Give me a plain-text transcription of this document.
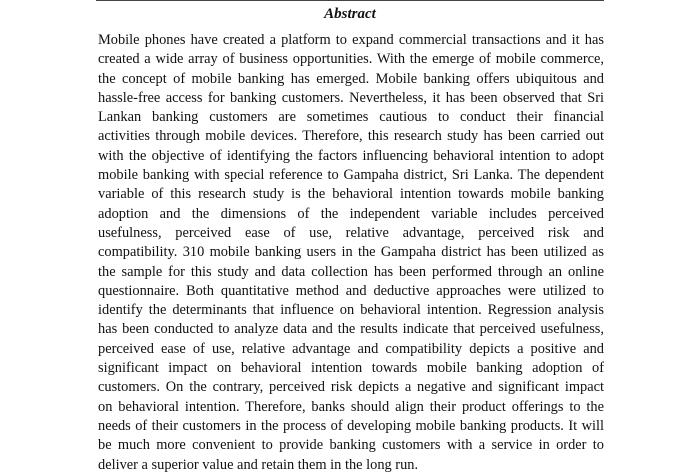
Abstract
Mobile phones have created a platform to expand commercial transactions and it has
created a wide array of business opportunities. With the emerge of mobile commerce,
the concept of mobile banking has emerged. Mobile banking offers ubiquitous and
hassle-free access for banking customers. Nevertheless, it has been observed that Sri
Lankan banking customers are sometimes cautious to conduct their financial
activities through mobile devices. Therefore, this research study has been carried out
with the objective of identifying the factors influencing behavioral intention to adopt
mobile banking with special reference to Gampaha district, Sri Lanka. The dependent
variable of this research study is the behavioral intention towards mobile banking
adoption and the dimensions of the independent variable includes perceived
usefulness, perceived ease of use, relative advantage, perceived risk and
compatibility. 310 mobile banking users in the Gampaha district has been utilized as
the sample for this study and data collection has been performed through an online
questionnaire. Both quantitative method and deductive approaches were utilized to
identify the determinants that influence on behavioral intention. Regression analysis
has been conducted to analyze data and the results indicate that perceived usefulness,
perceived ease of use, relative advantage and compatibility depicts a positive and
significant impact on behavioral intention towards mobile banking adoption of
customers. On the contrary, perceived risk depicts a negative and significant impact
on behavioral intention. Therefore, banks should align their product offerings to the
needs of their customers in the process of developing mobile banking products. It will
be much more convenient to provide banking customers with a service in order to
deliver a superior value and retain them in the long run.
